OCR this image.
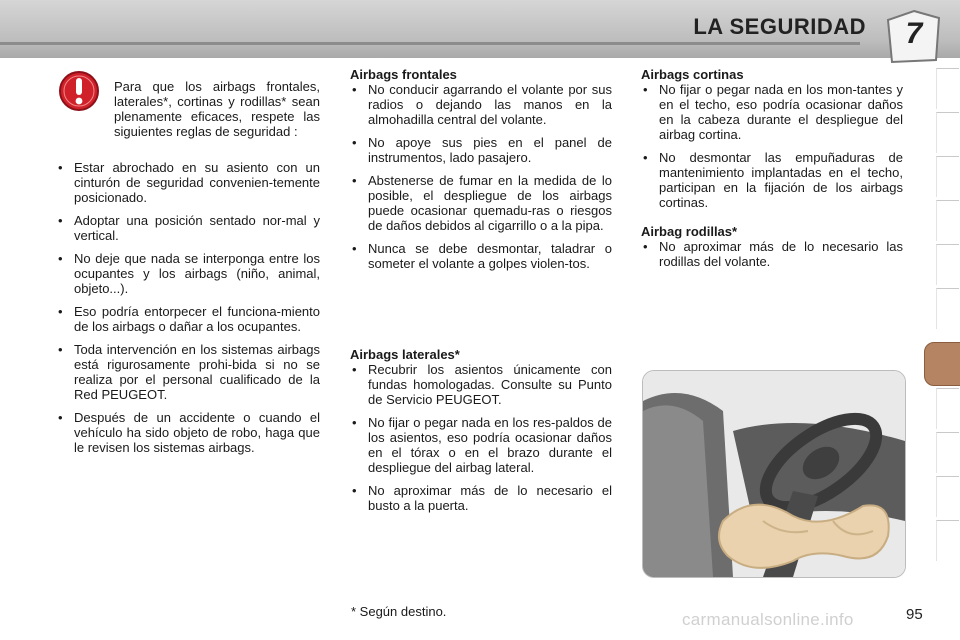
LA SEGURIDAD	7

Para que los airbags frontales, laterales*, cortinas y rodillas* sean plenamente eficaces, respete las siguientes reglas de seguridad :

• Estar abrochado en su asiento con un cinturón de seguridad convenien-temente posicionado.
• Adoptar una posición sentado nor-mal y vertical.
• No deje que nada se interponga entre los ocupantes y los airbags (niño, animal, objeto...).
• Eso podría entorpecer el funciona-miento de los airbags o dañar a los ocupantes.
• Toda intervención en los sistemas airbags está rigurosamente prohi-bida si no se realiza por el personal cualificado de la Red PEUGEOT.
• Después de un accidente o cuando el vehículo ha sido objeto de robo, haga que le revisen los sistemas airbags.

Airbags frontales

• No conducir agarrando el volante por sus radios o dejando las manos en la almohadilla central del volante.
• No apoye sus pies en el panel de instrumentos, lado pasajero.
• Abstenerse de fumar en la medida de lo posible, el despliegue de los airbags puede ocasionar quemadu-ras o riesgos de daños debidos al cigarrillo o a la pipa.
• Nunca se debe desmontar, taladrar o someter el volante a golpes violen-tos.

Airbags laterales*

• Recubrir los asientos únicamente con fundas homologadas. Consulte su Punto de Servicio PEUGEOT.
• No fijar o pegar nada en los res-paldos de los asientos, eso podría ocasionar daños en el tórax o en el brazo durante el despliegue del airbag lateral.
• No aproximar más de lo necesario el busto a la puerta.

Airbags cortinas

• No fijar o pegar nada en los mon-tantes y en el techo, eso podría ocasionar daños en la cabeza durante el despliegue del airbag cortina.
• No desmontar las empuñaduras de mantenimiento implantadas en el techo, participan en la fijación de los airbags cortinas.

Airbag rodillas*

• No aproximar más de lo necesario las rodillas del volante.
* Según destino.	carmanualsonline.info	95
